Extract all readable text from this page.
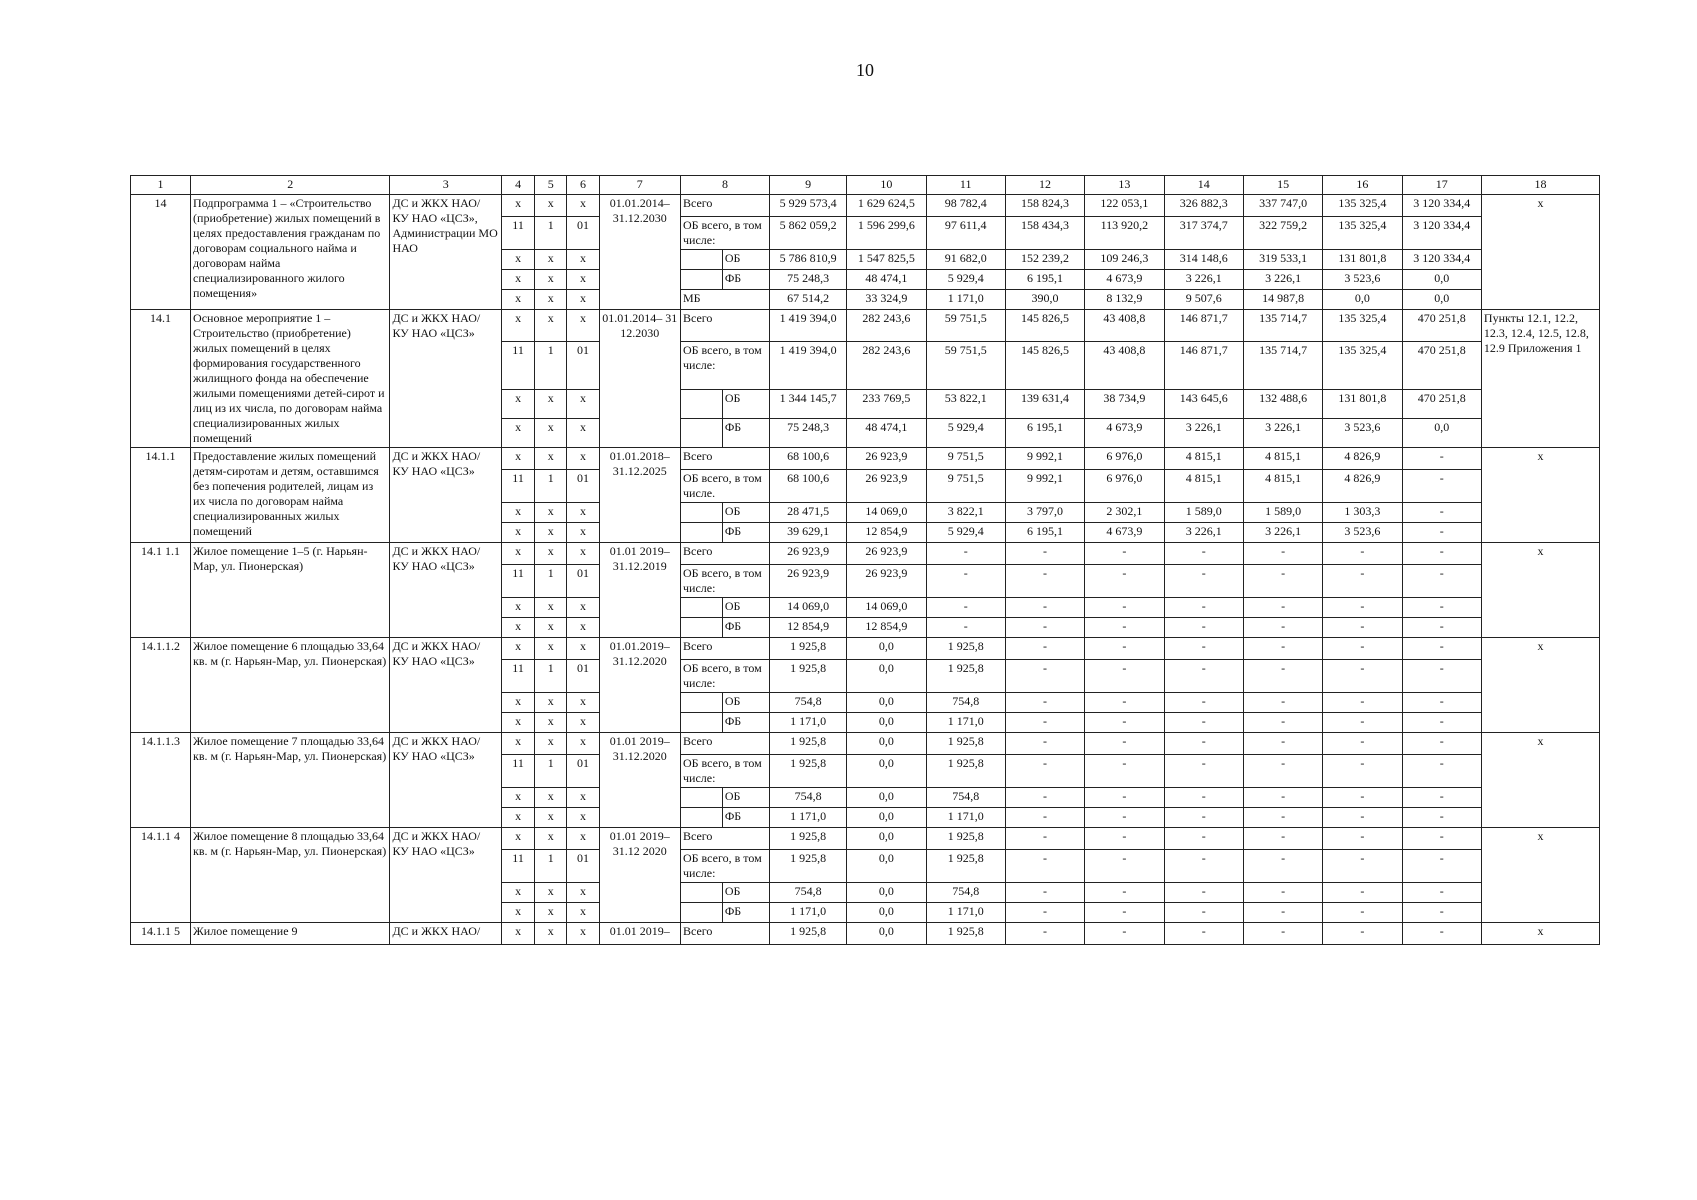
10
1	2	3	4	5	6	7	8		9	10	11	12	13	14	15	16	17	18
14	Подпрограмма 1 – «Строительство (приобретение) жилых помещений в целях предоставления гражданам по договорам социального найма и договорам найма специализированного жилого помещения»	ДС и ЖКХ НАО/ КУ НАО «ЦСЗ», Администрации МО НАО	х	х	х	01.01.2014– 31.12.2030	Всего		5 929 573,4	1 629 624,5	98 782,4	158 824,3	122 053,1	326 882,3	337 747,0	135 325,4	3 120 334,4	х
			11	1	01		ОБ всего, в том числе:		5 862 059,2	1 596 299,6	97 611,4	158 434,3	113 920,2	317 374,7	322 759,2	135 325,4	3 120 334,4	
			х	х	х			ОБ	5 786 810,9	1 547 825,5	91 682,0	152 239,2	109 246,3	314 148,6	319 533,1	131 801,8	3 120 334,4	
			х	х	х			ФБ	75 248,3	48 474,1	5 929,4	6 195,1	4 673,9	3 226,1	3 226,1	3 523,6	0,0	
			х	х	х		МБ		67 514,2	33 324,9	1 171,0	390,0	8 132,9	9 507,6	14 987,8	0,0	0,0	
14.1	Основное мероприятие 1 – Строительство (приобретение) жилых помещений в целях формирования государственного жилищного фонда на обеспечение жилыми помещениями детей-сирот и лиц из их числа, по договорам найма специализированных жилых помещений	ДС и ЖКХ НАО/ КУ НАО «ЦСЗ»	х	х	х	01.01.2014– 31 12.2030	Всего		1 419 394,0	282 243,6	59 751,5	145 826,5	43 408,8	146 871,7	135 714,7	135 325,4	470 251,8	Пункты 12.1, 12.2, 12.3, 12.4, 12.5, 12.8, 12.9 Приложения 1
			11	1	01		ОБ всего, в том числе:		1 419 394,0	282 243,6	59 751,5	145 826,5	43 408,8	146 871,7	135 714,7	135 325,4	470 251,8	
			х	х	х			ОБ	1 344 145,7	233 769,5	53 822,1	139 631,4	38 734,9	143 645,6	132 488,6	131 801,8	470 251,8	
			х	х	х			ФБ	75 248,3	48 474,1	5 929,4	6 195,1	4 673,9	3 226,1	3 226,1	3 523,6	0,0	
14.1.1	Предоставление жилых помещений детям-сиротам и детям, оставшимся без попечения родителей, лицам из их числа по договорам найма специализированных жилых помещений	ДС и ЖКХ НАО/ КУ НАО «ЦСЗ»	х	х	х	01.01.2018– 31.12.2025	Всего		68 100,6	26 923,9	9 751,5	9 992,1	6 976,0	4 815,1	4 815,1	4 826,9	-	х
			11	1	01		ОБ всего, в том числе.		68 100,6	26 923,9	9 751,5	9 992,1	6 976,0	4 815,1	4 815,1	4 826,9	-	
			х	х	х			ОБ	28 471,5	14 069,0	3 822,1	3 797,0	2 302,1	1 589,0	1 589,0	1 303,3	-	
			х	х	х			ФБ	39 629,1	12 854,9	5 929,4	6 195,1	4 673,9	3 226,1	3 226,1	3 523,6	-	
14.1 1.1	Жилое помещение 1–5 (г. Нарьян-Мар, ул. Пионерская)	ДС и ЖКХ НАО/ КУ НАО «ЦСЗ»	х	х	х	01.01 2019– 31.12.2019	Всего		26 923,9	26 923,9	-	-	-	-	-	-	-	х
			11	1	01		ОБ всего, в том числе:		26 923,9	26 923,9	-	-	-	-	-	-	-	
			х	х	х			ОБ	14 069,0	14 069,0	-	-	-	-	-	-	-	
			х	х	х			ФБ	12 854,9	12 854,9	-	-	-	-	-	-	-	
14.1.1.2	Жилое помещение 6 площадью 33,64 кв. м (г. Нарьян-Мар, ул. Пионерская)	ДС и ЖКХ НАО/ КУ НАО «ЦСЗ»	х	х	х	01.01.2019– 31.12.2020	Всего		1 925,8	0,0	1 925,8	-	-	-	-	-	-	х
			11	1	01		ОБ всего, в том числе:		1 925,8	0,0	1 925,8	-	-	-	-	-	-	
			х	х	х			ОБ	754,8	0,0	754,8	-	-	-	-	-	-	
			х	х	х			ФБ	1 171,0	0,0	1 171,0	-	-	-	-	-	-	
14.1.1.3	Жилое помещение 7 площадью 33,64 кв. м (г. Нарьян-Мар, ул. Пионерская)	ДС и ЖКХ НАО/ КУ НАО «ЦСЗ»	х	х	х	01.01 2019– 31.12.2020	Всего		1 925,8	0,0	1 925,8	-	-	-	-	-	-	х
			11	1	01		ОБ всего, в том числе:		1 925,8	0,0	1 925,8	-	-	-	-	-	-	
			х	х	х			ОБ	754,8	0,0	754,8	-	-	-	-	-	-	
			х	х	х			ФБ	1 171,0	0,0	1 171,0	-	-	-	-	-	-	
14.1.1 4	Жилое помещение 8 площадью 33,64 кв. м (г. Нарьян-Мар, ул. Пионерская)	ДС и ЖКХ НАО/ КУ НАО «ЦСЗ»	х	х	х	01.01 2019– 31.12 2020	Всего		1 925,8	0,0	1 925,8	-	-	-	-	-	-	х
			11	1	01		ОБ всего, в том числе:		1 925,8	0,0	1 925,8	-	-	-	-	-	-	
			х	х	х			ОБ	754,8	0,0	754,8	-	-	-	-	-	-	
			х	х	х			ФБ	1 171,0	0,0	1 171,0	-	-	-	-	-	-	
14.1.1 5	Жилое помещение 9	ДС и ЖКХ НАО/	х	х	х	01.01 2019–	Всего		1 925,8	0,0	1 925,8	-	-	-	-	-	-	х
